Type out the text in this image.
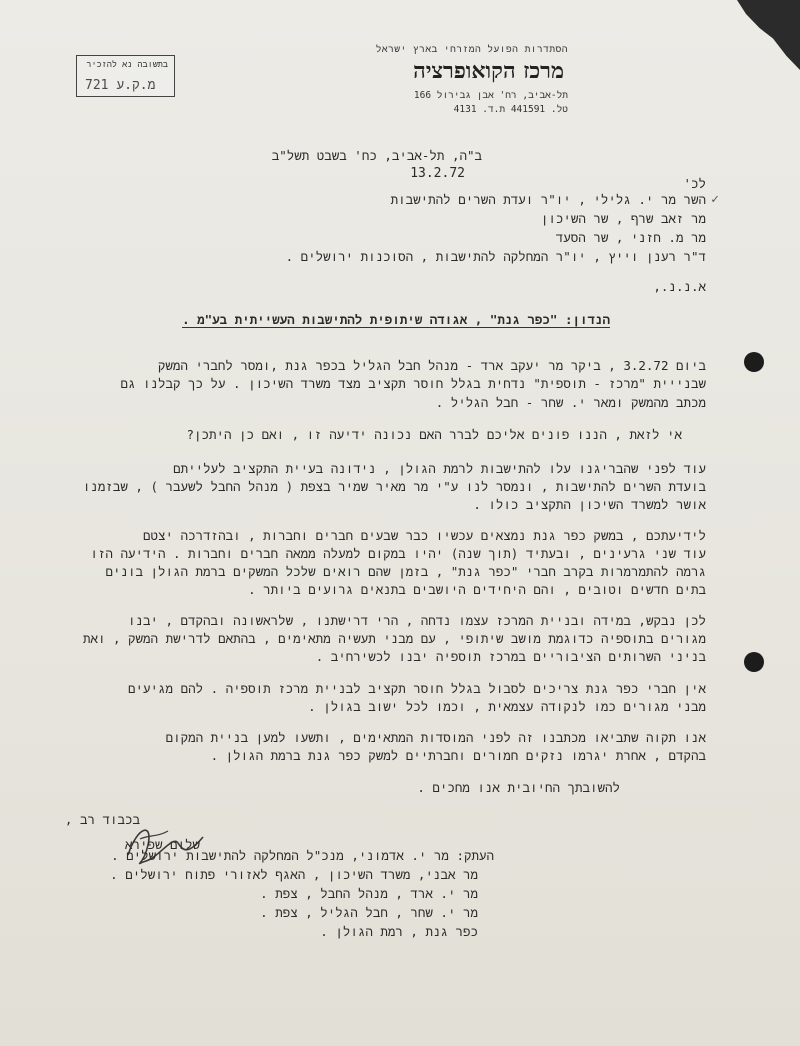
הסתדרות הפועל המזרחי בארץ ישראל
מרכז הקואופרציה
תל-אביב, רח' אבן גבירול 166
טל. 441591 ת.ד. 4131
בתשובה נא להזכיר
721 מ.ק.ע
ב"ה, תל-אביב, כח' בשבט תשל"ב
13.2.72
לכ'
✓
השר מר י. גלילי , יו"ר ועדת השרים להתישבות
מר זאב שרף , שר השיכון
מר מ. חזני , שר הסעד
ד"ר רענן וייץ , יו"ר המחלקה להתישבות , הסוכנות ירושלים .
א.נ.נ.,
הנדון: "כפר גנת" , אגודה שיתופית להתישבות העשייתית בע"מ .
ביום 3.2.72 , ביקר מר יעקב ארד - מנהל חבל הגליל בכפר גנת ,ומסר לחברי המשק
שבנייית "מרכז - תוספית" נדחית בגלל חוסר תקציב מצד משרד השיכון . על כך קבלנו גם
מכתב מהמשק ומאר י. שחר - חבל הגליל .
אי לזאת , הננו פונים אליכם לברר האם נכונה ידיעה זו , ואם כן היתכן?
עוד לפני שהבריגנו עלו להתישבות לרמת הגולן , נידונה בעיית התקציב לעלייתם
בועדת השרים להתישבות , ונמסר לנו ע"י מר מאיר שמיר בצפת ( מנהל החבל לשעבר ) , שבזמנו
אושר למשרד השיכון התקציב כולו .
לידיעתכם , במשק כפר גנת נמצאים עכשיו כבר שבעים חברים וחברות , ובהזדרכה יצטם
עוד שני גרעינים , ובעתיד (תוך שנה) יהיו במקום למעלה ממאה חברים וחברות . הידיעה הזו
גרמה להתמרמרות בקרב חברי "כפר גנת" , בזמן שהם רואים שלכל המשקים ברמת הגולן בונים
בתים חדשים וטובים , והם היחידים היושבים בתנאים גרועים ביותר .
לכן נבקש, במידה ובניית המרכז עצמו נדחה , הרי דרישתנו , שלראשונה ובהקדם , יבנו
מגורים בתוספיה כדוגמת מושב שיתופי , עם מבני תעשיה מתאימים , בהתאם לדרישת המשק , ואת
בניני השרותים הציבוריים במרכז תוספיה יבנו לכשירחיב .
אין חברי כפר גנת צריכים לסבול בגלל חוסר תקציב לבניית מרכז תוספיה . להם מגיעים
מבני מגורים כמו לנקודה עצמאית , וכמו לכל ישוב בגולן .
אנו תקוה שתביאו מכתבנו זה לפני המוסדות המתאימים , ותשעו למען בניית המקום
בהקדם , אחרת יגרמו נזקים חמורים וחברתיים למשק כפר גנת ברמת הגולן .
להשובתך החיובית אנו מחכים .
בכבוד רב ,
שלום שפירא
העתק: מר י. אדמוני, מנכ"ל המחלקה להתישבות ירושלים .
מר אבני, משרד השיכון , האגף לאזורי פתוח ירושלים .
מר י. ארד , מנהל החבל , צפת .
מר י. שחר , חבל הגליל , צפת .
כפר גנת , רמת הגולן .
